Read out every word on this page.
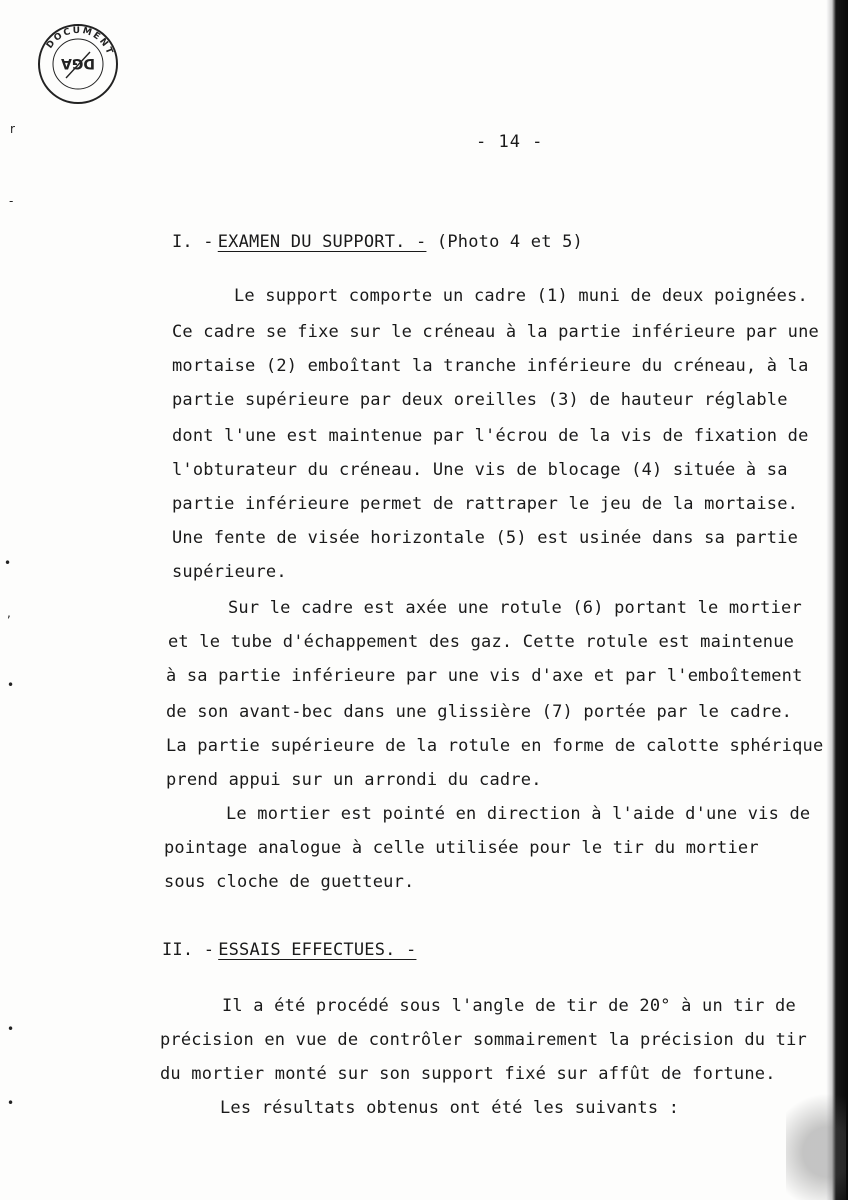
DOCUMENT
DGA
r
-
•
,
•
•
•
- 14 -
I. - EXAMEN DU SUPPORT. - (Photo 4 et 5)
Le support comporte un cadre (1) muni de deux poignées.
Ce cadre se fixe sur le créneau à la partie inférieure par une
mortaise (2) emboîtant la tranche inférieure du créneau, à la
partie supérieure par deux oreilles (3) de hauteur réglable
dont l'une est maintenue par l'écrou de la vis de fixation de
l'obturateur du créneau. Une vis de blocage (4) située à sa
partie inférieure permet de rattraper le jeu de la mortaise.
Une fente de visée horizontale (5) est usinée dans sa partie
supérieure.
Sur le cadre est axée une rotule (6) portant le mortier
et le tube d'échappement des gaz. Cette rotule est maintenue
à sa partie inférieure par une vis d'axe et par l'emboîtement
de son avant-bec dans une glissière (7) portée par le cadre.
La partie supérieure de la rotule en forme de calotte sphérique
prend appui sur un arrondi du cadre.
Le mortier est pointé en direction à l'aide d'une vis de
pointage analogue à celle utilisée pour le tir du mortier
sous cloche de guetteur.
II. - ESSAIS EFFECTUES. -
Il a été procédé sous l'angle de tir de 20° à un tir de
précision en vue de contrôler sommairement la précision du tir
du mortier monté sur son support fixé sur affût de fortune.
Les résultats obtenus ont été les suivants :
